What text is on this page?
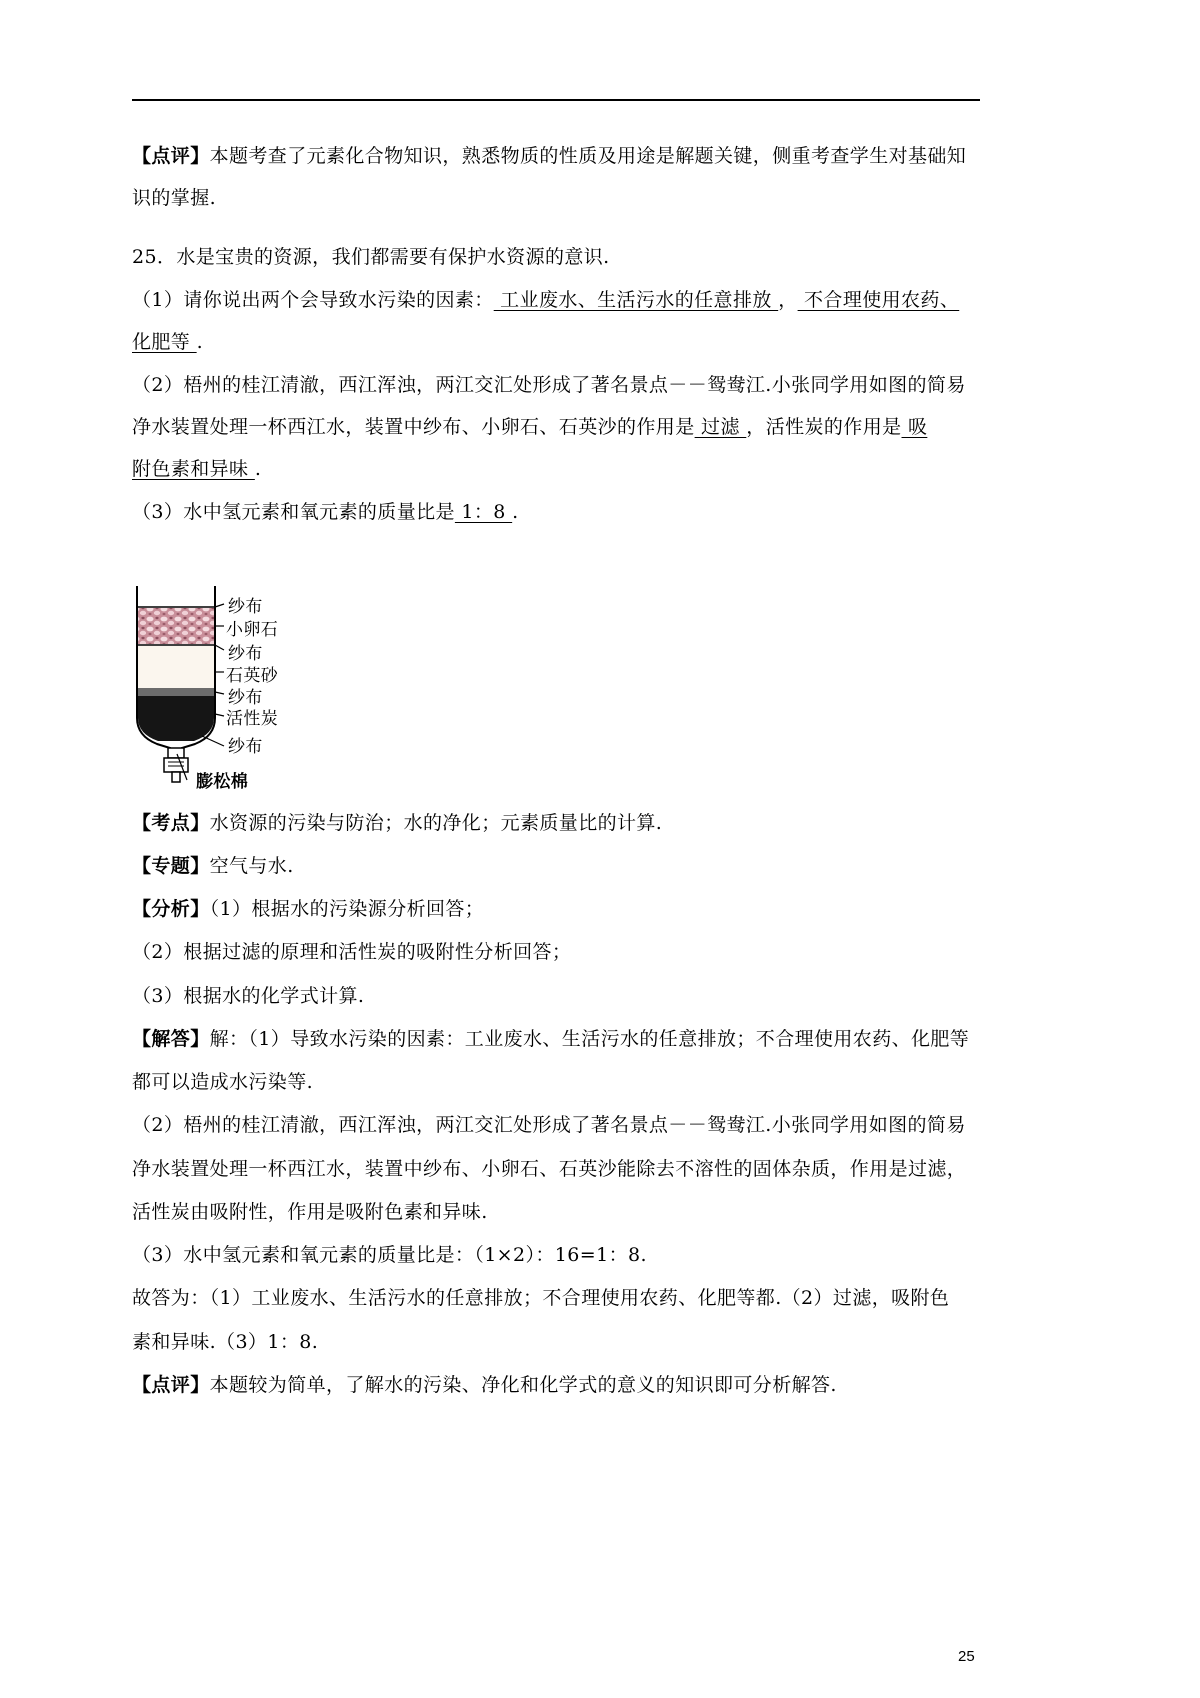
【点评】本题考查了元素化合物知识，熟悉物质的性质及用途是解题关键，侧重考查学生对基础知
识的掌握.
25．水是宝贵的资源，我们都需要有保护水资源的意识.
（1）请你说出两个会导致水污染的因素： 工业废水、生活污水的任意排放 ， 不合理使用农药、
化肥等 .
（2）梧州的桂江清澈，西江浑浊，两江交汇处形成了著名景点－－鸳鸯江.小张同学用如图的简易
净水装置处理一杯西江水，装置中纱布、小卵石、石英沙的作用是 过滤 ，活性炭的作用是 吸
附色素和异味 .
（3）水中氢元素和氧元素的质量比是 1：8 .
纱布
小卵石
纱布
石英砂
纱布
活性炭
纱布
膨松棉
【考点】水资源的污染与防治；水的净化；元素质量比的计算.
【专题】空气与水.
【分析】（1）根据水的污染源分析回答；
（2）根据过滤的原理和活性炭的吸附性分析回答；
（3）根据水的化学式计算.
【解答】解：（1）导致水污染的因素：工业废水、生活污水的任意排放；不合理使用农药、化肥等
都可以造成水污染等.
（2）梧州的桂江清澈，西江浑浊，两江交汇处形成了著名景点－－鸳鸯江.小张同学用如图的简易
净水装置处理一杯西江水，装置中纱布、小卵石、石英沙能除去不溶性的固体杂质，作用是过滤，
活性炭由吸附性，作用是吸附色素和异味.
（3）水中氢元素和氧元素的质量比是：（1×2）：16=1：8.
故答为：（1）工业废水、生活污水的任意排放；不合理使用农药、化肥等都.（2）过滤，吸附色
素和异味.（3）1：8.
【点评】本题较为简单，了解水的污染、净化和化学式的意义的知识即可分析解答.
25
